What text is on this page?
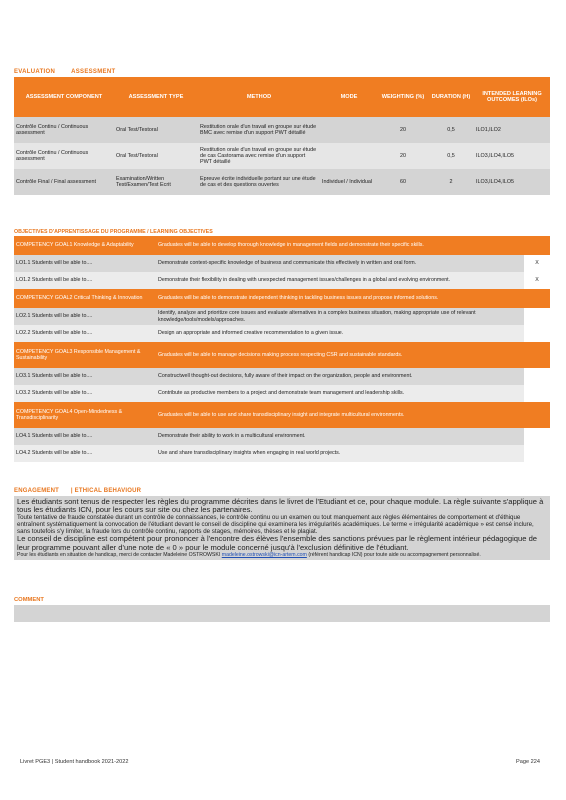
EVALUATION	ASSESSMENT
ASSESSMENT COMPONENT	ASSESSMENT TYPE	METHOD	MODE	WEIGHTING (%)	DURATION (H)	INTENDED LEARNING OUTCOMES (ILOs)
Contrôle Continu / Continuous assessment	Oral Test/Testoral	Restitution orale d'un travail en groupe sur étude BMC avec remise d'un support PWT détaillé		20	0,5	ILO1,ILO2
Contrôle Continu / Continuous assessment	Oral Test/Testoral	Restitution orale d'un travail en groupe sur étude de cas Castorama avec remise d'un support PWT détaillé		20	0,5	ILO3,ILO4,ILO5
Contrôle Final / Final assessment	Examination/Written Test/Examen/Test Ecrit	Epreuve écrite individuelle portant sur une étude de cas et des questions ouvertes	Individuel / Individual	60	2	ILO3,ILO4,ILO5
OBJECTIVES D'APPRENTISSAGE DU PROGRAMME / LEARNING OBJECTIVES
COMPETENCY GOAL1 Knowledge & Adaptability	Graduates will be able to develop thorough knowledge in management fields and demonstrate their specific skills.	
LO1.1 Students will be able to....	Demonstrate context-specific knowledge of business and communicate this effectively in written and oral form.	X
LO1.2 Students will be able to....	Demonstrate their flexibility in dealing with unexpected management issues/challenges in a global and evolving environment.	X
COMPETENCY GOAL2 Critical Thinking & Innovation	Graduates will be able to demonstrate independent thinking in tackling business issues and propose informed solutions.	
LO2.1 Students will be able to....	Identify, analyze and prioritize core issues and evaluate alternatives in a complex business situation, making appropriate use of relevant knowledge/tools/models/approaches.	
LO2.2 Students will be able to....	Design an appropriate and informed creative recommendation to a given issue.	
COMPETENCY GOAL3 Responsible Management & Sustainability	Graduates will be able to manage decisions making process respecting CSR and sustainable standards.	
LO3.1 Students will be able to....	Constructwell thought-out decisions, fully aware of their impact on the organization, people and environment.	
LO3.2 Students will be able to....	Contribute as productive members to a project and demonstrate team management and leadership skills.	
COMPETENCY GOAL4 Open-Mindedness & Transdisciplinarity	Graduates will be able to use and share transdisciplinary insight and integrate multicultural environments.	
LO4.1 Students will be able to....	Demonstrate their ability to work in a multicultural environment.	
LO4.2 Students will be able to....	Use and share transdisciplinary insights when engaging in real world projects.	
ENGAGEMENT | ETHICAL BEHAVIOUR
Les étudiants sont tenus de respecter les règles du programme décrites dans le livret de l'Etudiant et ce, pour chaque module. La règle suivante s'applique à tous les étudiants ICN, pour les cours sur site ou chez les partenaires.
Toute tentative de fraude constatée durant un contrôle de connaissances, le contrôle continu ou un examen ou tout manquement aux règles élémentaires de comportement et d'éthique entraînent systématiquement la convocation de l'étudiant devant le conseil de discipline qui examinera les irrégularités académiques. Le terme « irrégularité académique » est censé inclure, sans toutefois s'y limiter, la fraude lors du contrôle continu, rapports de stages, mémoires, thèses et le plagiat.
Le conseil de discipline est compétent pour prononcer à l'encontre des élèves l'ensemble des sanctions prévues par le règlement intérieur pédagogique de leur programme pouvant aller d'une note de « 0 » pour le module concerné jusqu'à l'exclusion définitive de l'étudiant.
Pour les étudiants en situation de handicap, merci de contacter Madeleine OSTROWSKI madeleine.ostrowski@icn-artem.com (référent handicap ICN) pour toute aide ou accompagnement personnalisé.
COMMENT
Livret PGE3 | Student handbook 2021-2022	Page 224
